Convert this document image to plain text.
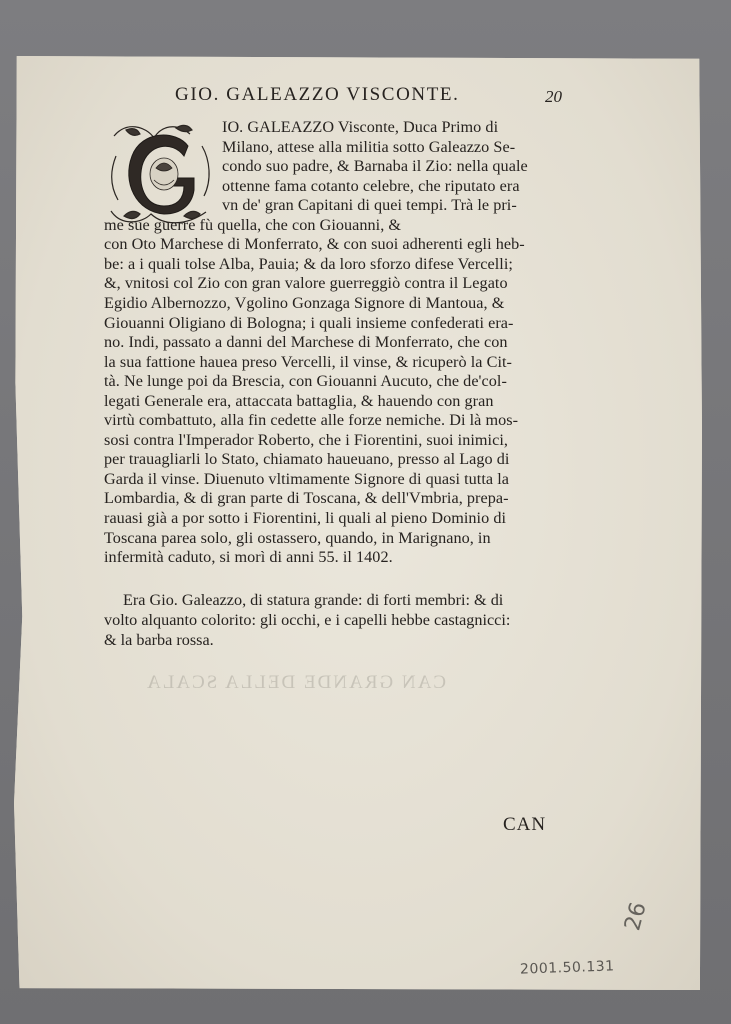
GIO. GALEAZZO VISCONTE.	20
IO. GALEAZZO Visconte, Duca Primo di
Milano, attese alla militia sotto Galeazzo Se-
condo suo padre, & Barnaba il Zio: nella quale
ottenne fama cotanto celebre, che riputato era
vn de' gran Capitani di quei tempi. Trà le pri-
me sue guerre fù quella, che con Giouanni, &
con Oto Marchese di Monferrato, & con suoi adherenti egli heb-
be: a i quali tolse Alba, Pauia; & da loro sforzo difese Vercelli;
&, vnitosi col Zio con gran valore guerreggiò contra il Legato
Egidio Albernozzo, Vgolino Gonzaga Signore di Mantoua, &
Giouanni Oligiano di Bologna; i quali insieme confederati era-
no. Indi, passato a danni del Marchese di Monferrato, che con
la sua fattione haueа preso Vercelli, il vinse, & ricuperò la Cit-
tà. Ne lunge poi da Brescia, con Giouanni Aucuto, che de'col-
legati Generale era, attaccata battaglia, & hauendo con gran
virtù combattuto, alla fin cedette alle forze nemiche. Di là mos-
sosi contra l'Imperador Roberto, che i Fiorentini, suoi inimici,
per trauagliarli lo Stato, chiamato haueuano, presso al Lago di
Garda il vinse. Diuenuto vltimamente Signore di quasi tutta la
Lombardia, & di gran parte di Toscana, & dell'Vmbria, prepa-
rauasi già a por sotto i Fiorentini, li quali al pieno Dominio di
Toscana parea solo, gli ostassero, quando, in Marignano, in
infermità caduto, si morì di anni 55. il 1402.
Era Gio. Galeazzo, di statura grande: di forti membri: & di
volto alquanto colorito: gli occhi, e i capelli hebbe castagnicci:
& la barba rossa.
CAN GRANDE DELLA SCALA
CAN
26
2001.50.131
